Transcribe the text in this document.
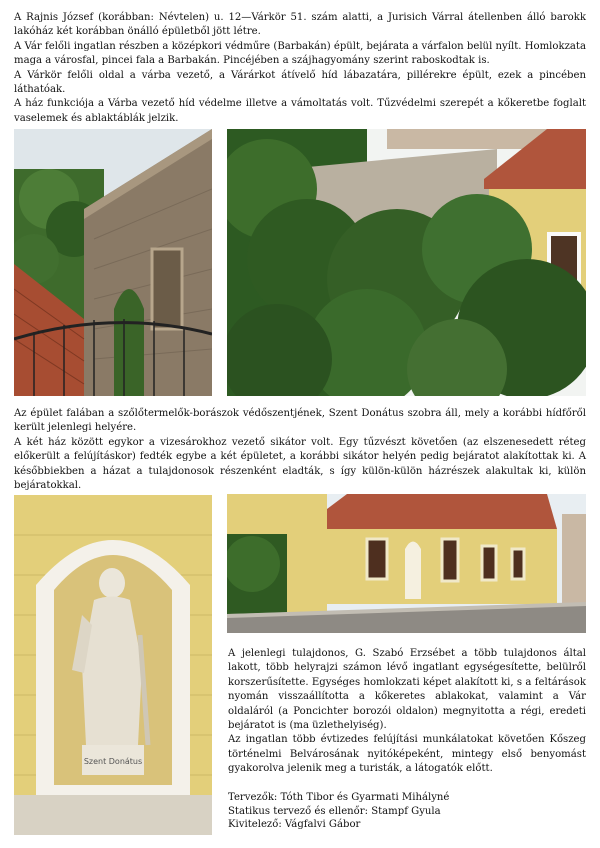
A Rajnis József (korábban: Névtelen) u. 12—Várkör 51. szám alatti, a Jurisich Várral átellenben álló barokk lakóház két korábban önálló épületből jött létre.

A Vár felőli ingatlan részben a középkori védműre (Barbakán) épült, bejárata a várfalon belül nyílt. Homlokzata maga a városfal, pincei fala a Barbakán. Pincéjében a szájhagyomány szerint raboskodtak is.

A Várkör felőli oldal a várba vezető, a Várárkot átívelő híd lábazatára, pillérekre épült, ezek a pincében láthatóak.

A ház funkciója a Várba vezető híd védelme illetve a vámoltatás volt. Tűzvédelmi szerepét a kőkeretbe foglalt vaselemek és ablaktáblák jelzik.

Az épület falában a szőlőtermelők-borászok védőszentjének, Szent Donátus szobra áll, mely a korábbi hídfőről került jelenlegi helyére.

A két ház között egykor a vizesárokhoz vezető sikátor volt. Egy tűzvészt követően (az elszenesedett réteg előkerült a felújításkor) fedték egybe a két épületet, a korábbi sikátor helyén pedig bejáratot alakítottak ki. A későbbiekben a házat a tulajdonosok részenként eladták, s így külön-külön házrészek alakultak ki, külön bejáratokkal.

Szent Donátus

A jelenlegi tulajdonos, G. Szabó Erzsébet a több tulajdonos által lakott, több helyrajzi számon lévő ingatlant egységesítette, belülről korszerűsítette. Egységes homlokzati képet alakított ki, s a feltárások nyomán visszaállította a kőkeretes ablakokat, valamint a Vár oldaláról (a Poncichter borozói oldalon) megnyitotta a régi, eredeti bejáratot is (ma üzlethelyiség).

Az ingatlan több évtizedes felújítási munkálatokat követően Kőszeg történelmi Belvárosának nyitóképeként, mintegy első benyomást gyakorolva jelenik meg a turisták, a látogatók előtt.

Tervezők: Tóth Tibor és Gyarmati Mihályné

Statikus tervező és ellenőr: Stampf Gyula

Kivitelező: Vágfalvi Gábor
